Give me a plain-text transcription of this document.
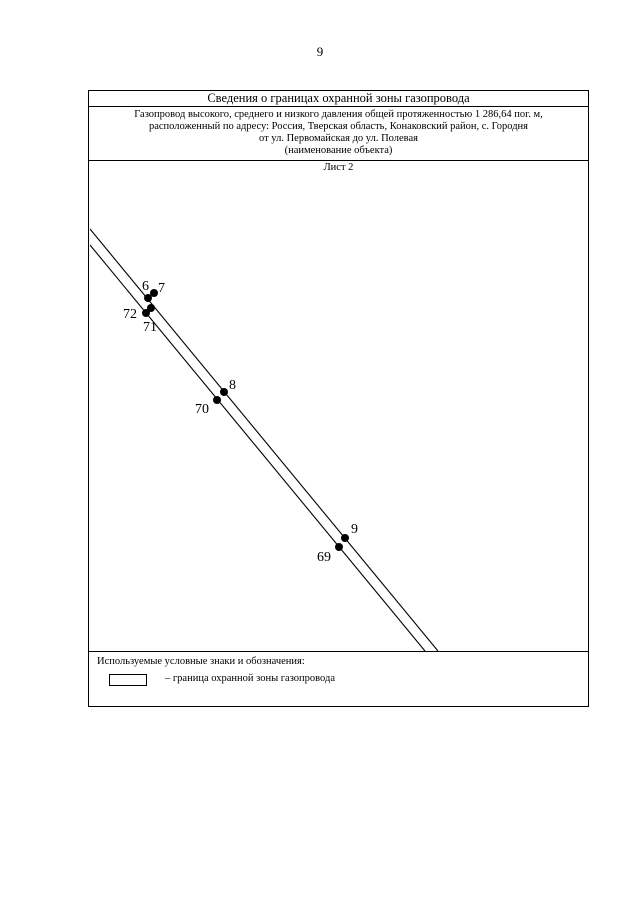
9
Сведения о границах охранной зоны газопровода
Газопровод высокого, среднего и низкого давления общей протяженностью 1 286,64 пог. м,
расположенный по адресу: Россия, Тверская область, Конаковский район, с. Городня
от ул. Первомайская до ул. Полевая
(наименование объекта)
Лист 2
6 7
72
71
8
70
9
69
Используемые условные знаки и обозначения:
– граница охранной зоны газопровода
